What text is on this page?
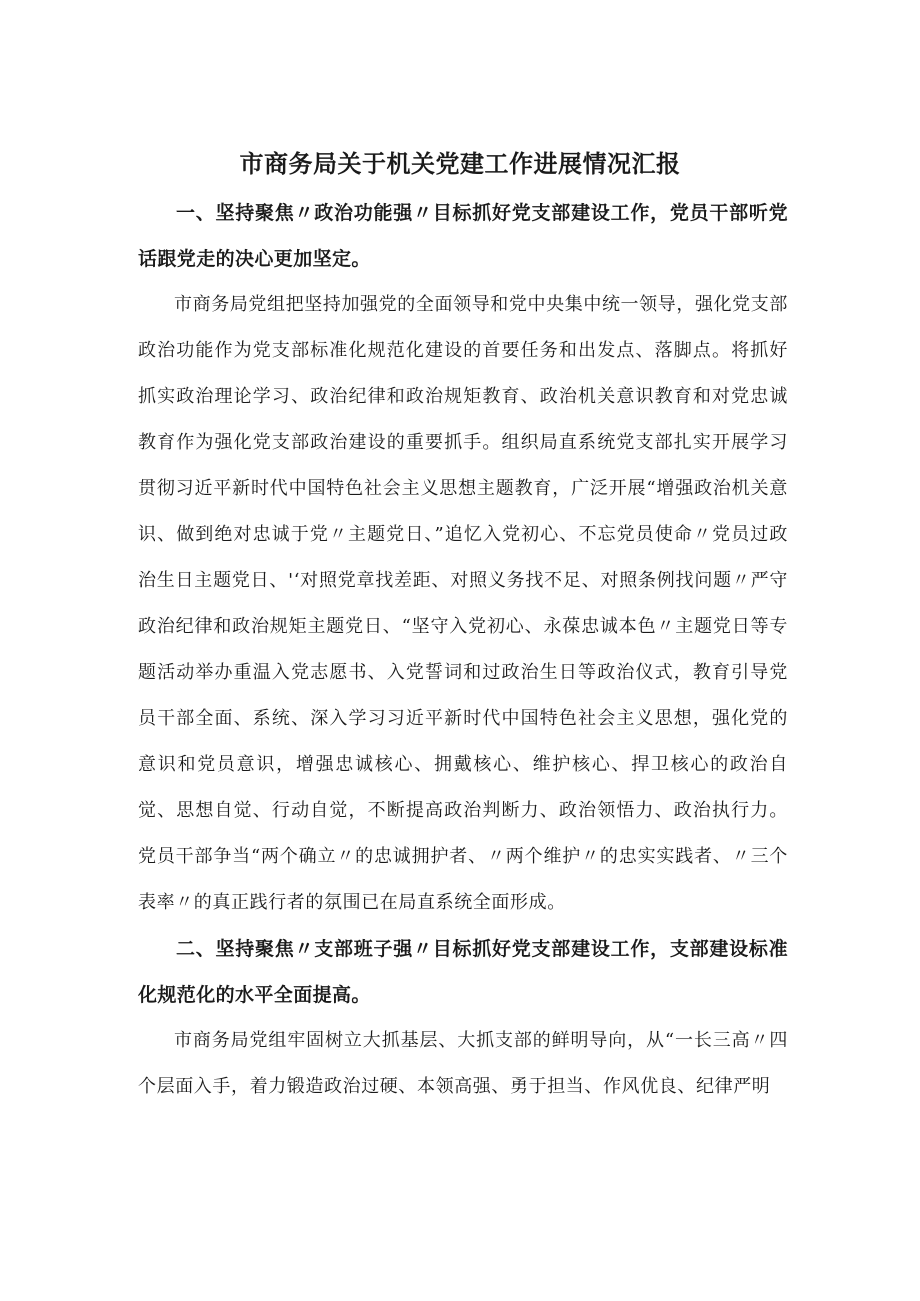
市商务局关于机关党建工作进展情况汇报

一、坚持聚焦〃政治功能强〃目标抓好党支部建设工作，党员干部听党话跟党走的决心更加坚定。

市商务局党组把坚持加强党的全面领导和党中央集中统一领导，强化党支部政治功能作为党支部标准化规范化建设的首要任务和出发点、落脚点。将抓好抓实政治理论学习、政治纪律和政治规矩教育、政治机关意识教育和对党忠诚教育作为强化党支部政治建设的重要抓手。组织局直系统党支部扎实开展学习贯彻习近平新时代中国特色社会主义思想主题教育，广泛开展“增强政治机关意识、做到绝对忠诚于党〃主题党日、”追忆入党初心、不忘党员使命〃党员过政治生日主题党日、'‘对照党章找差距、对照义务找不足、对照条例找问题〃严守政治纪律和政治规矩主题党日、“坚守入党初心、永葆忠诚本色〃主题党日等专题活动举办重温入党志愿书、入党誓词和过政治生日等政治仪式，教育引导党员干部全面、系统、深入学习习近平新时代中国特色社会主义思想，强化党的意识和党员意识，增强忠诚核心、拥戴核心、维护核心、捍卫核心的政治自觉、思想自觉、行动自觉，不断提高政治判断力、政治领悟力、政治执行力。党员干部争当“两个确立〃的忠诚拥护者、〃两个维护〃的忠实实践者、〃三个表率〃的真正践行者的氛围已在局直系统全面形成。

二、坚持聚焦〃支部班子强〃目标抓好党支部建设工作，支部建设标准化规范化的水平全面提高。

市商务局党组牢固树立大抓基层、大抓支部的鲜明导向，从“一长三高〃四个层面入手，着力锻造政治过硬、本领高强、勇于担当、作风优良、纪律严明
